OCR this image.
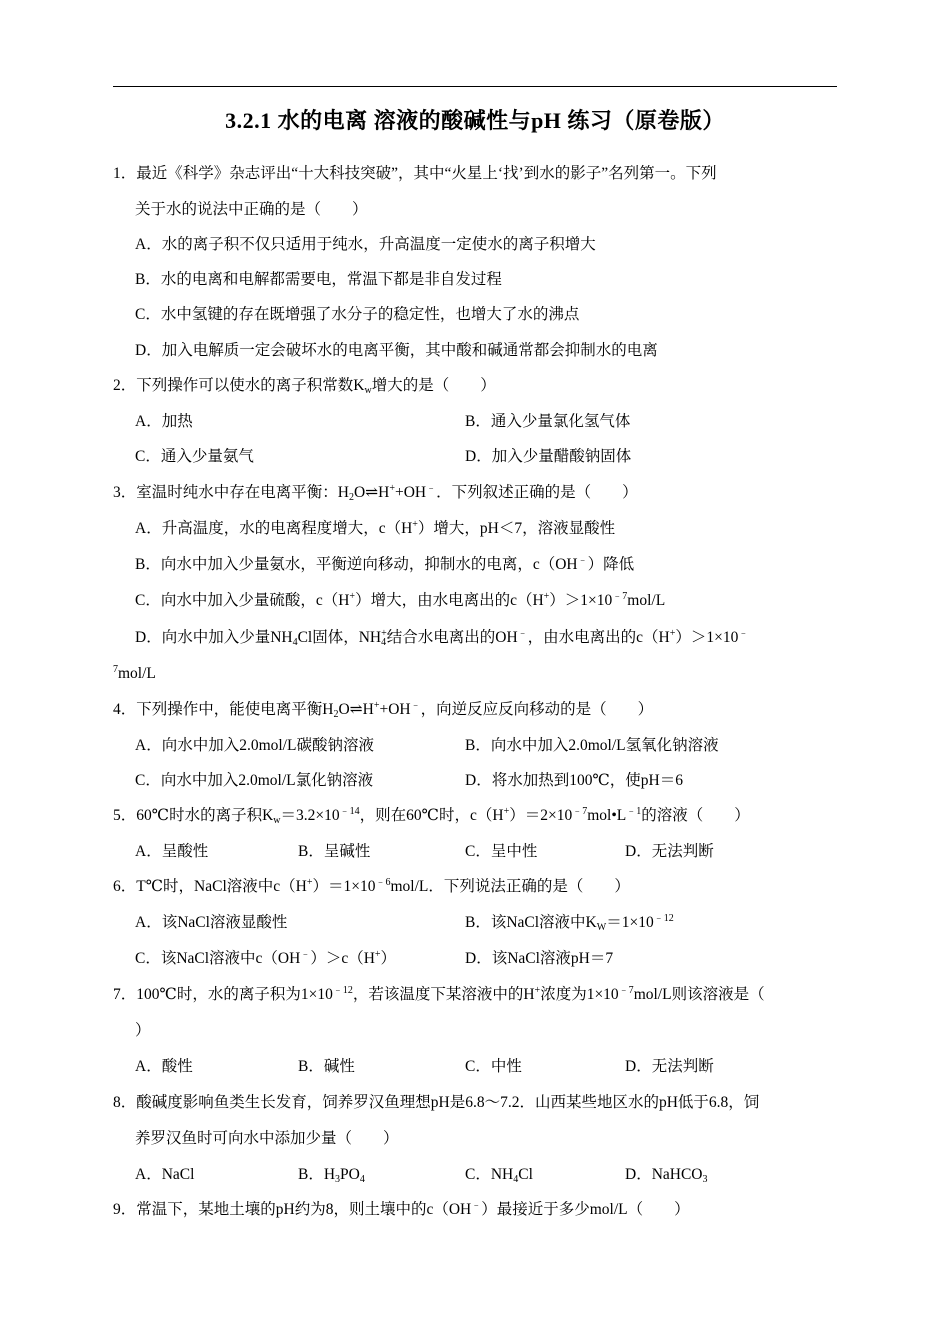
3.2.1 水的电离 溶液的酸碱性与pH 练习（原卷版）
1．最近《科学》杂志评出“十大科技突破”，其中“火星上‘找’到水的影子”名列第一。下列
关于水的说法中正确的是（　　）
A．水的离子积不仅只适用于纯水，升高温度一定使水的离子积增大
B．水的电离和电解都需要电，常温下都是非自发过程
C．水中氢键的存在既增强了水分子的稳定性，也增大了水的沸点
D．加入电解质一定会破坏水的电离平衡，其中酸和碱通常都会抑制水的电离
2．下列操作可以使水的离子积常数$K_w$增大的是（　　）
A．加热	B．通入少量氯化氢气体
C．通入少量氨气	D．加入少量醋酸钠固体
3．室温时纯水中存在电离平衡：$H_2O\rightleftharpoons H^++OH^﹣$．下列叙述正确的是（　　）
A．升高温度，水的电离程度增大，c（H+）增大，pH＜7，溶液显酸性
B．向水中加入少量氨水，平衡逆向移动，抑制水的电离，c（OH﹣）降低
C．向水中加入少量硫酸，c（H+）增大，由水电离出的$c(H^+)>1\times 10^{﹣7}mol/L$
D．向水中加入少量$NH_4Cl$固体，$NH_4^+$结合水电离出的OH﹣，由水电离出的c（H+）＞1×10﹣
$^7$mol/L
4．下列操作中，能使电离平衡$H_2O\rightleftharpoons H^++OH^﹣$，向逆反应反向移动的是（　　）
A．向水中加入2.0mol/L碳酸钠溶液	B．向水中加入2.0mol/L氢氧化钠溶液
C．向水中加入2.0mol/L氯化钠溶液	D．将水加热到100℃，使pH＝6
5．60℃时水的离子积$K_w=3.2\times 10^{﹣14}$，则在60℃时，$c(H^+)=2\times 10^{﹣7}mol•L^{﹣1}$的溶液（　　）
A．呈酸性	B．呈碱性	C．呈中性	D．无法判断
6．T℃时，NaCl溶液中$c(H^+)=1\times 10^{﹣6}mol/L$．下列说法正确的是（　　）
A．该NaCl溶液显酸性	B．该NaCl溶液中$K_W=1\times 10^{﹣12}$
C．该NaCl溶液中c（OH﹣）＞c（H+）	D．该NaCl溶液pH＝7
7．100℃时，水的离子积为$1\times 10^{﹣12}$，若该温度下某溶液中的H+浓度为$1\times 10^{﹣7}mol/L$则该溶液是（
）
A．酸性	B．碱性	C．中性	D．无法判断
8．酸碱度影响鱼类生长发育，饲养罗汉鱼理想pH是6.8～7.2．山西某些地区水的pH低于6.8，饲
养罗汉鱼时可向水中添加少量（　　）
A．NaCl	B．$H_3PO_4$	C．$NH_4Cl$	D．NaHCO$_3$
9．常温下，某地土壤的pH约为8，则土壤中的c（OH﹣）最接近于多少mol/L（　　）
